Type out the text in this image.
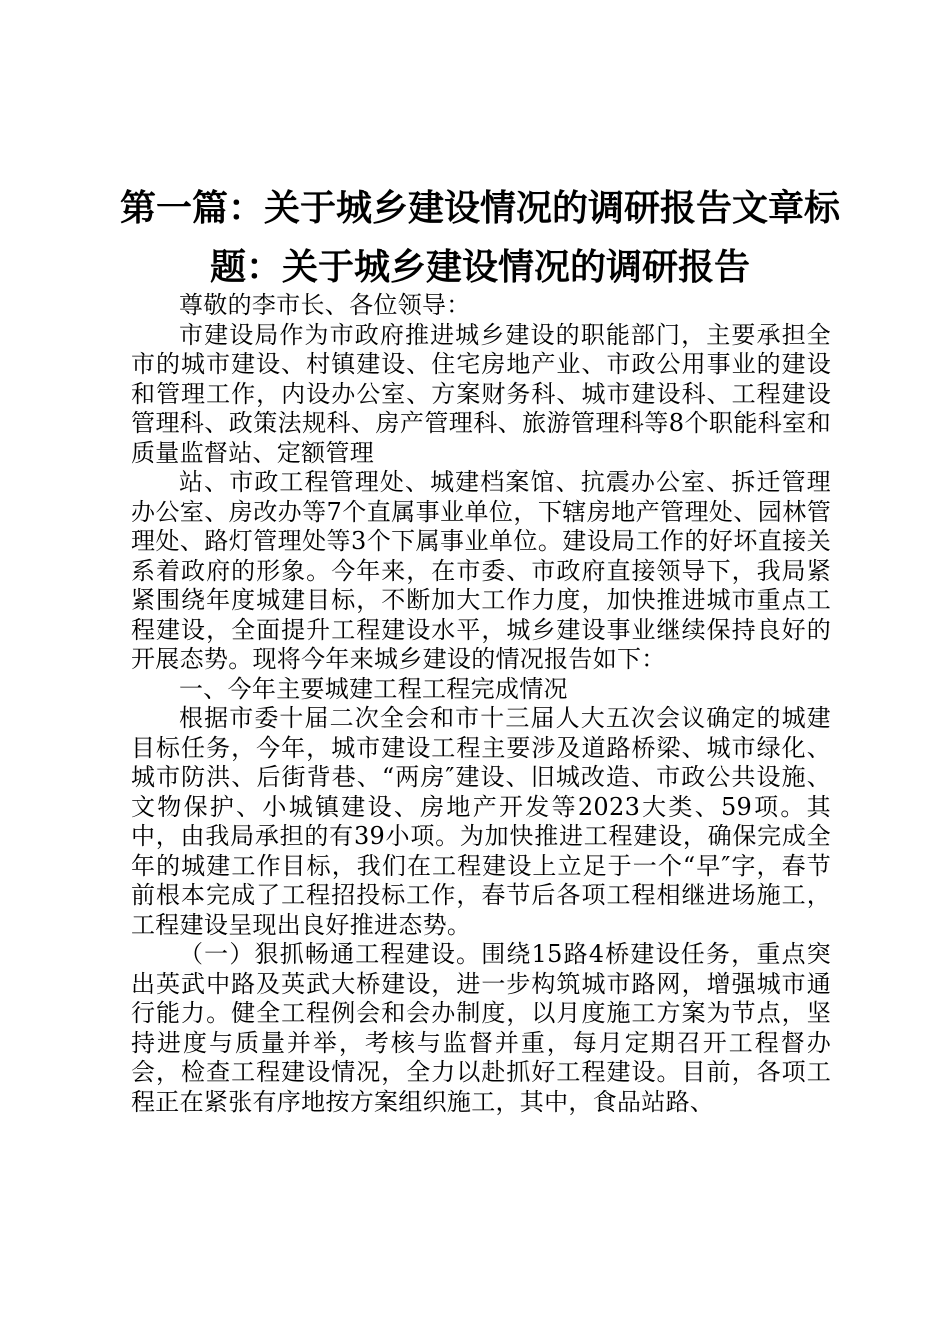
第一篇：关于城乡建设情况的调研报告文章标
题：关于城乡建设情况的调研报告

尊敬的李市长、各位领导：

市建设局作为市政府推进城乡建设的职能部门，主要承担全市的城市建设、村镇建设、住宅房地产业、市政公用事业的建设和管理工作，内设办公室、方案财务科、城市建设科、工程建设管理科、政策法规科、房产管理科、旅游管理科等8个职能科室和质量监督站、定额管理

站、市政工程管理处、城建档案馆、抗震办公室、拆迁管理办公室、房改办等7个直属事业单位，下辖房地产管理处、园林管理处、路灯管理处等3个下属事业单位。建设局工作的好坏直接关系着政府的形象。今年来，在市委、市政府直接领导下，我局紧紧围绕年度城建目标，不断加大工作力度，加快推进城市重点工程建设，全面提升工程建设水平，城乡建设事业继续保持良好的开展态势。现将今年来城乡建设的情况报告如下：

一、今年主要城建工程工程完成情况

根据市委十届二次全会和市十三届人大五次会议确定的城建目标任务，今年，城市建设工程主要涉及道路桥梁、城市绿化、城市防洪、后街背巷、“两房″建设、旧城改造、市政公共设施、文物保护、小城镇建设、房地产开发等2023大类、59项。其中，由我局承担的有39小项。为加快推进工程建设，确保完成全年的城建工作目标，我们在工程建设上立足于一个“早″字，春节前根本完成了工程招投标工作，春节后各项工程相继进场施工，工程建设呈现出良好推进态势。

（一）狠抓畅通工程建设。围绕15路4桥建设任务，重点突出英武中路及英武大桥建设，进一步构筑城市路网，增强城市通行能力。健全工程例会和会办制度，以月度施工方案为节点，坚持进度与质量并举，考核与监督并重，每月定期召开工程督办会，检查工程建设情况，全力以赴抓好工程建设。目前，各项工程正在紧张有序地按方案组织施工，其中，食品站路、
